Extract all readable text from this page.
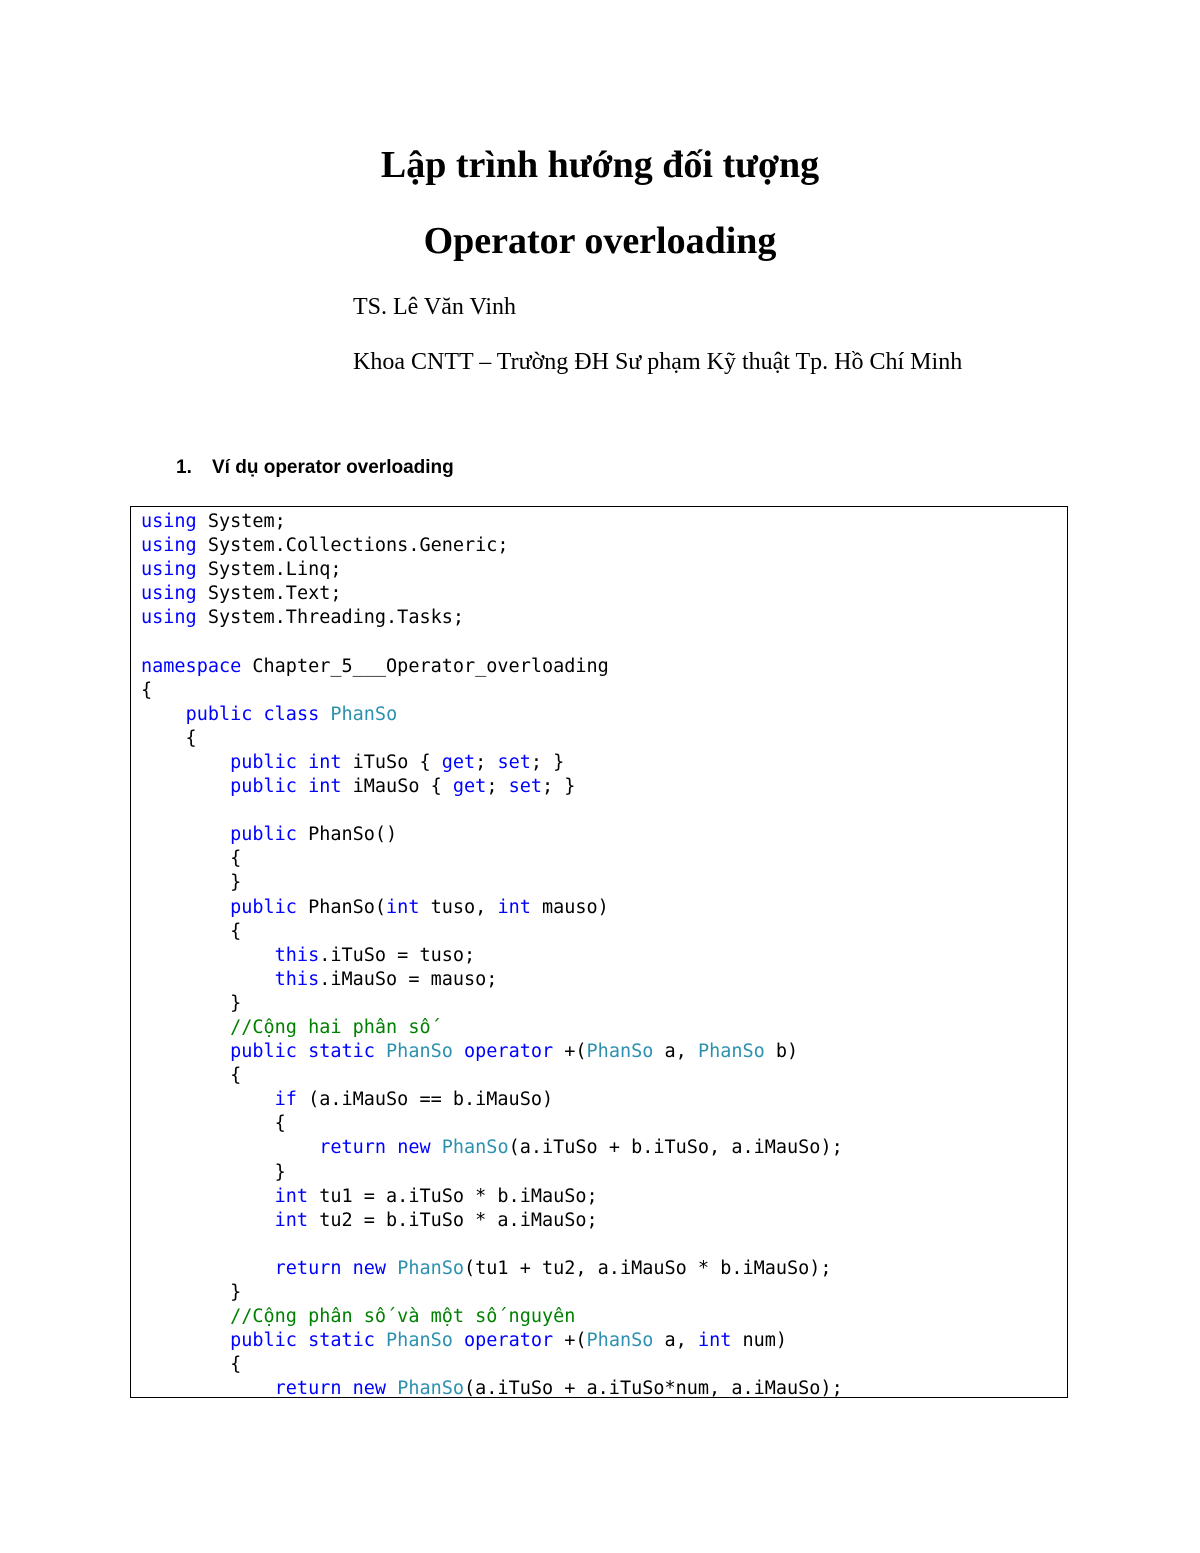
Lập trình hướng đối tượng
Operator overloading

TS. Lê Văn Vinh

Khoa CNTT – Trường ĐH Sư phạm Kỹ thuật Tp. Hồ Chí Minh

1. Ví dụ operator overloading

using System;
using System.Collections.Generic;
using System.Linq;
using System.Text;
using System.Threading.Tasks;

namespace Chapter_5___Operator_overloading
{
public class PhanSo
{
public int iTuSo { get; set; }
public int iMauSo { get; set; }

public PhanSo()
{
}
public PhanSo(int tuso, int mauso)
{
this.iTuSo = tuso;
this.iMauSo = mauso;
}
//Cộng hai phân số
public static PhanSo operator +(PhanSo a, PhanSo b)
{
if (a.iMauSo == b.iMauSo)
{
return new PhanSo(a.iTuSo + b.iTuSo, a.iMauSo);
}
int tu1 = a.iTuSo * b.iMauSo;
int tu2 = b.iTuSo * a.iMauSo;

return new PhanSo(tu1 + tu2, a.iMauSo * b.iMauSo);
}
//Cộng phân số và một số nguyên
public static PhanSo operator +(PhanSo a, int num)
{
return new PhanSo(a.iTuSo + a.iTuSo*num, a.iMauSo);
